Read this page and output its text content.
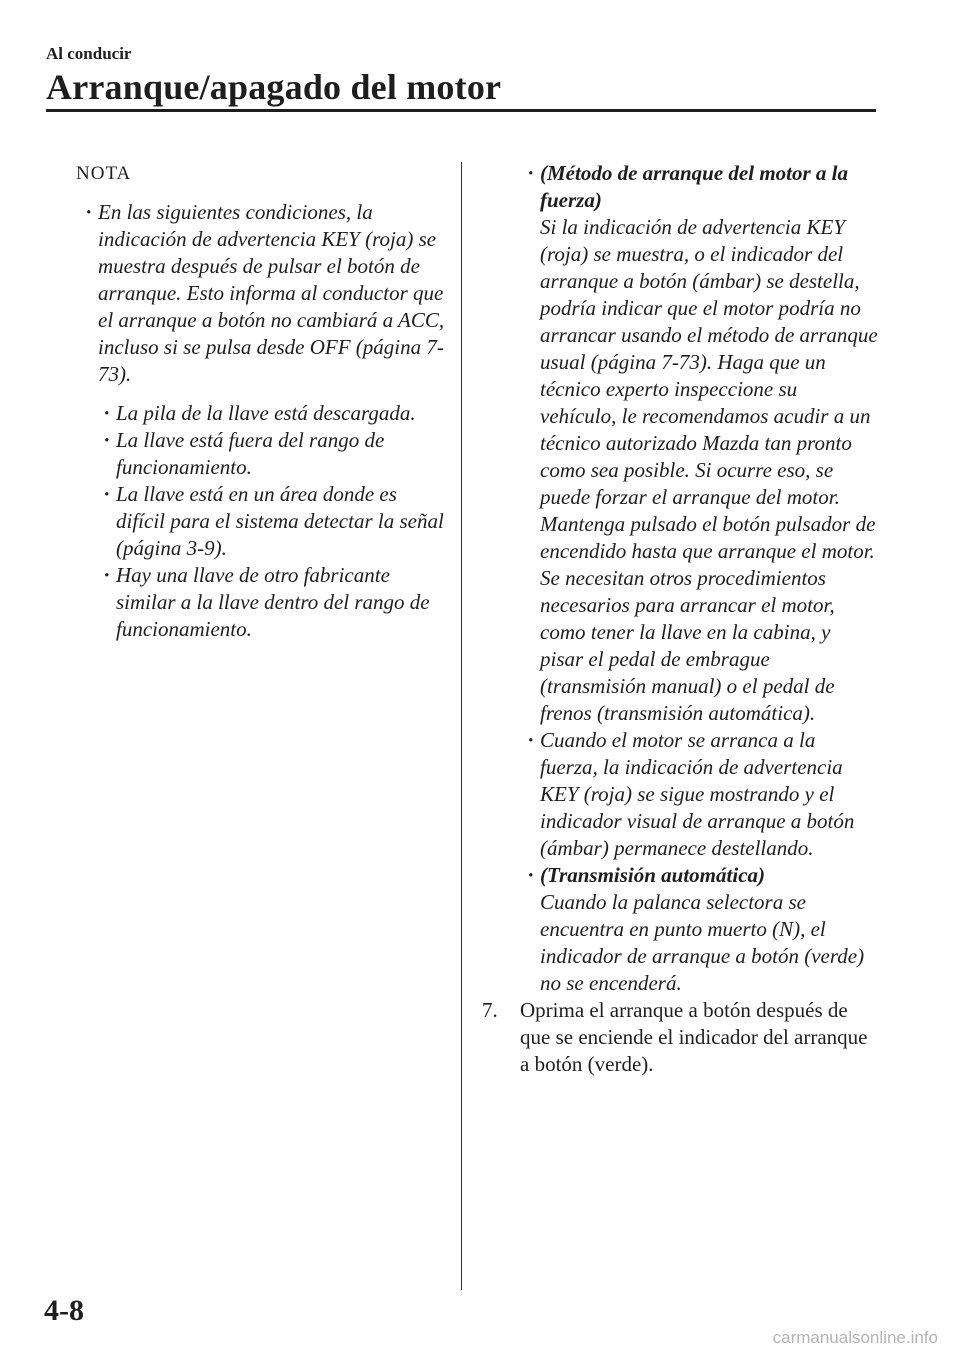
Al conducir

Arranque/apagado del motor

NOTA

· En las siguientes condiciones, la indicación de advertencia KEY (roja) se muestra después de pulsar el botón de arranque. Esto informa al conductor que el arranque a botón no cambiará a ACC, incluso si se pulsa desde OFF (página 7-73).

· La pila de la llave está descargada.

· La llave está fuera del rango de funcionamiento.

· La llave está en un área donde es difícil para el sistema detectar la señal (página 3-9).

· Hay una llave de otro fabricante similar a la llave dentro del rango de funcionamiento.

· (Método de arranque del motor a la fuerza)
Si la indicación de advertencia KEY (roja) se muestra, o el indicador del arranque a botón (ámbar) se destella, podría indicar que el motor podría no arrancar usando el método de arranque usual (página 7-73). Haga que un técnico experto inspeccione su vehículo, le recomendamos acudir a un técnico autorizado Mazda tan pronto como sea posible. Si ocurre eso, se puede forzar el arranque del motor. Mantenga pulsado el botón pulsador de encendido hasta que arranque el motor. Se necesitan otros procedimientos necesarios para arrancar el motor, como tener la llave en la cabina, y pisar el pedal de embrague (transmisión manual) o el pedal de frenos (transmisión automática).
· Cuando el motor se arranca a la fuerza, la indicación de advertencia KEY (roja) se sigue mostrando y el indicador visual de arranque a botón (ámbar) permanece destellando.
· (Transmisión automática)
Cuando la palanca selectora se encuentra en punto muerto (N), el indicador de arranque a botón (verde) no se encenderá.
7. Oprima el arranque a botón después de que se enciende el indicador del arranque a botón (verde).

4-8

carmanualsonline.info
